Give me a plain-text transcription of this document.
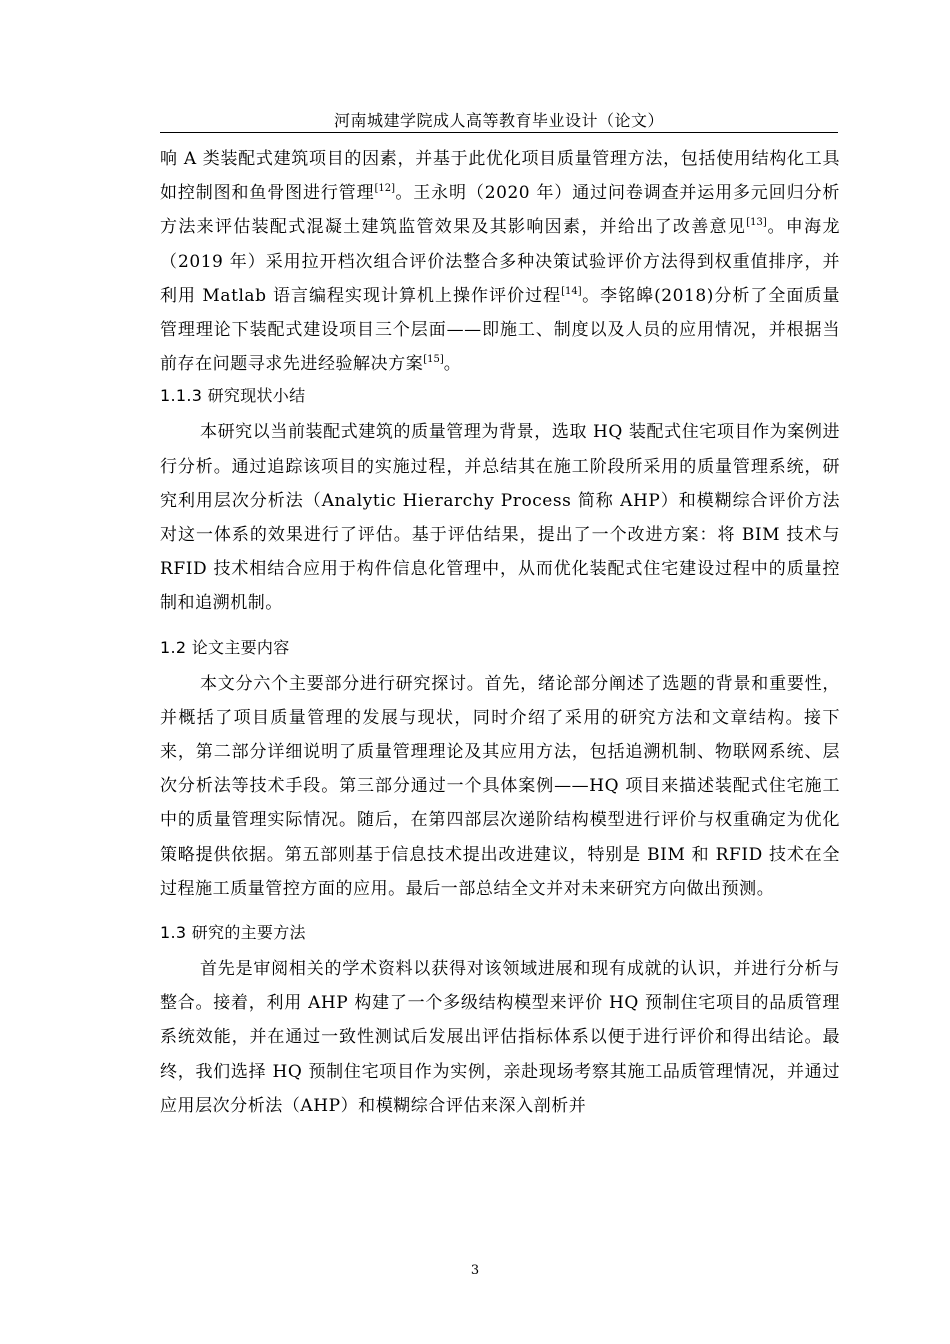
河南城建学院成人高等教育毕业设计（论文）

响 A 类装配式建筑项目的因素，并基于此优化项目质量管理方法，包括使用结构化工具如控制图和鱼骨图进行管理[12]。王永明（2020 年）通过问卷调查并运用多元回归分析方法来评估装配式混凝土建筑监管效果及其影响因素，并给出了改善意见[13]。申海龙（2019 年）采用拉开档次组合评价法整合多种决策试验评价方法得到权重值排序，并利用 Matlab 语言编程实现计算机上操作评价过程[14]。李铭皞(2018)分析了全面质量管理理论下装配式建设项目三个层面——即施工、制度以及人员的应用情况，并根据当前存在问题寻求先进经验解决方案[15]。

1.1.3 研究现状小结

本研究以当前装配式建筑的质量管理为背景，选取 HQ 装配式住宅项目作为案例进行分析。通过追踪该项目的实施过程，并总结其在施工阶段所采用的质量管理系统，研究利用层次分析法（Analytic Hierarchy Process 简称 AHP）和模糊综合评价方法对这一体系的效果进行了评估。基于评估结果，提出了一个改进方案：将 BIM 技术与 RFID 技术相结合应用于构件信息化管理中，从而优化装配式住宅建设过程中的质量控制和追溯机制。

1.2 论文主要内容

本文分六个主要部分进行研究探讨。首先，绪论部分阐述了选题的背景和重要性，并概括了项目质量管理的发展与现状，同时介绍了采用的研究方法和文章结构。接下来，第二部分详细说明了质量管理理论及其应用方法，包括追溯机制、物联网系统、层次分析法等技术手段。第三部分通过一个具体案例——HQ 项目来描述装配式住宅施工中的质量管理实际情况。随后，在第四部层次递阶结构模型进行评价与权重确定为优化策略提供依据。第五部则基于信息技术提出改进建议，特别是 BIM 和 RFID 技术在全过程施工质量管控方面的应用。最后一部总结全文并对未来研究方向做出预测。

1.3 研究的主要方法

首先是审阅相关的学术资料以获得对该领域进展和现有成就的认识，并进行分析与整合。接着，利用 AHP 构建了一个多级结构模型来评价 HQ 预制住宅项目的品质管理系统效能，并在通过一致性测试后发展出评估指标体系以便于进行评价和得出结论。最终，我们选择 HQ 预制住宅项目作为实例，亲赴现场考察其施工品质管理情况，并通过应用层次分析法（AHP）和模糊综合评估来深入剖析并

3
